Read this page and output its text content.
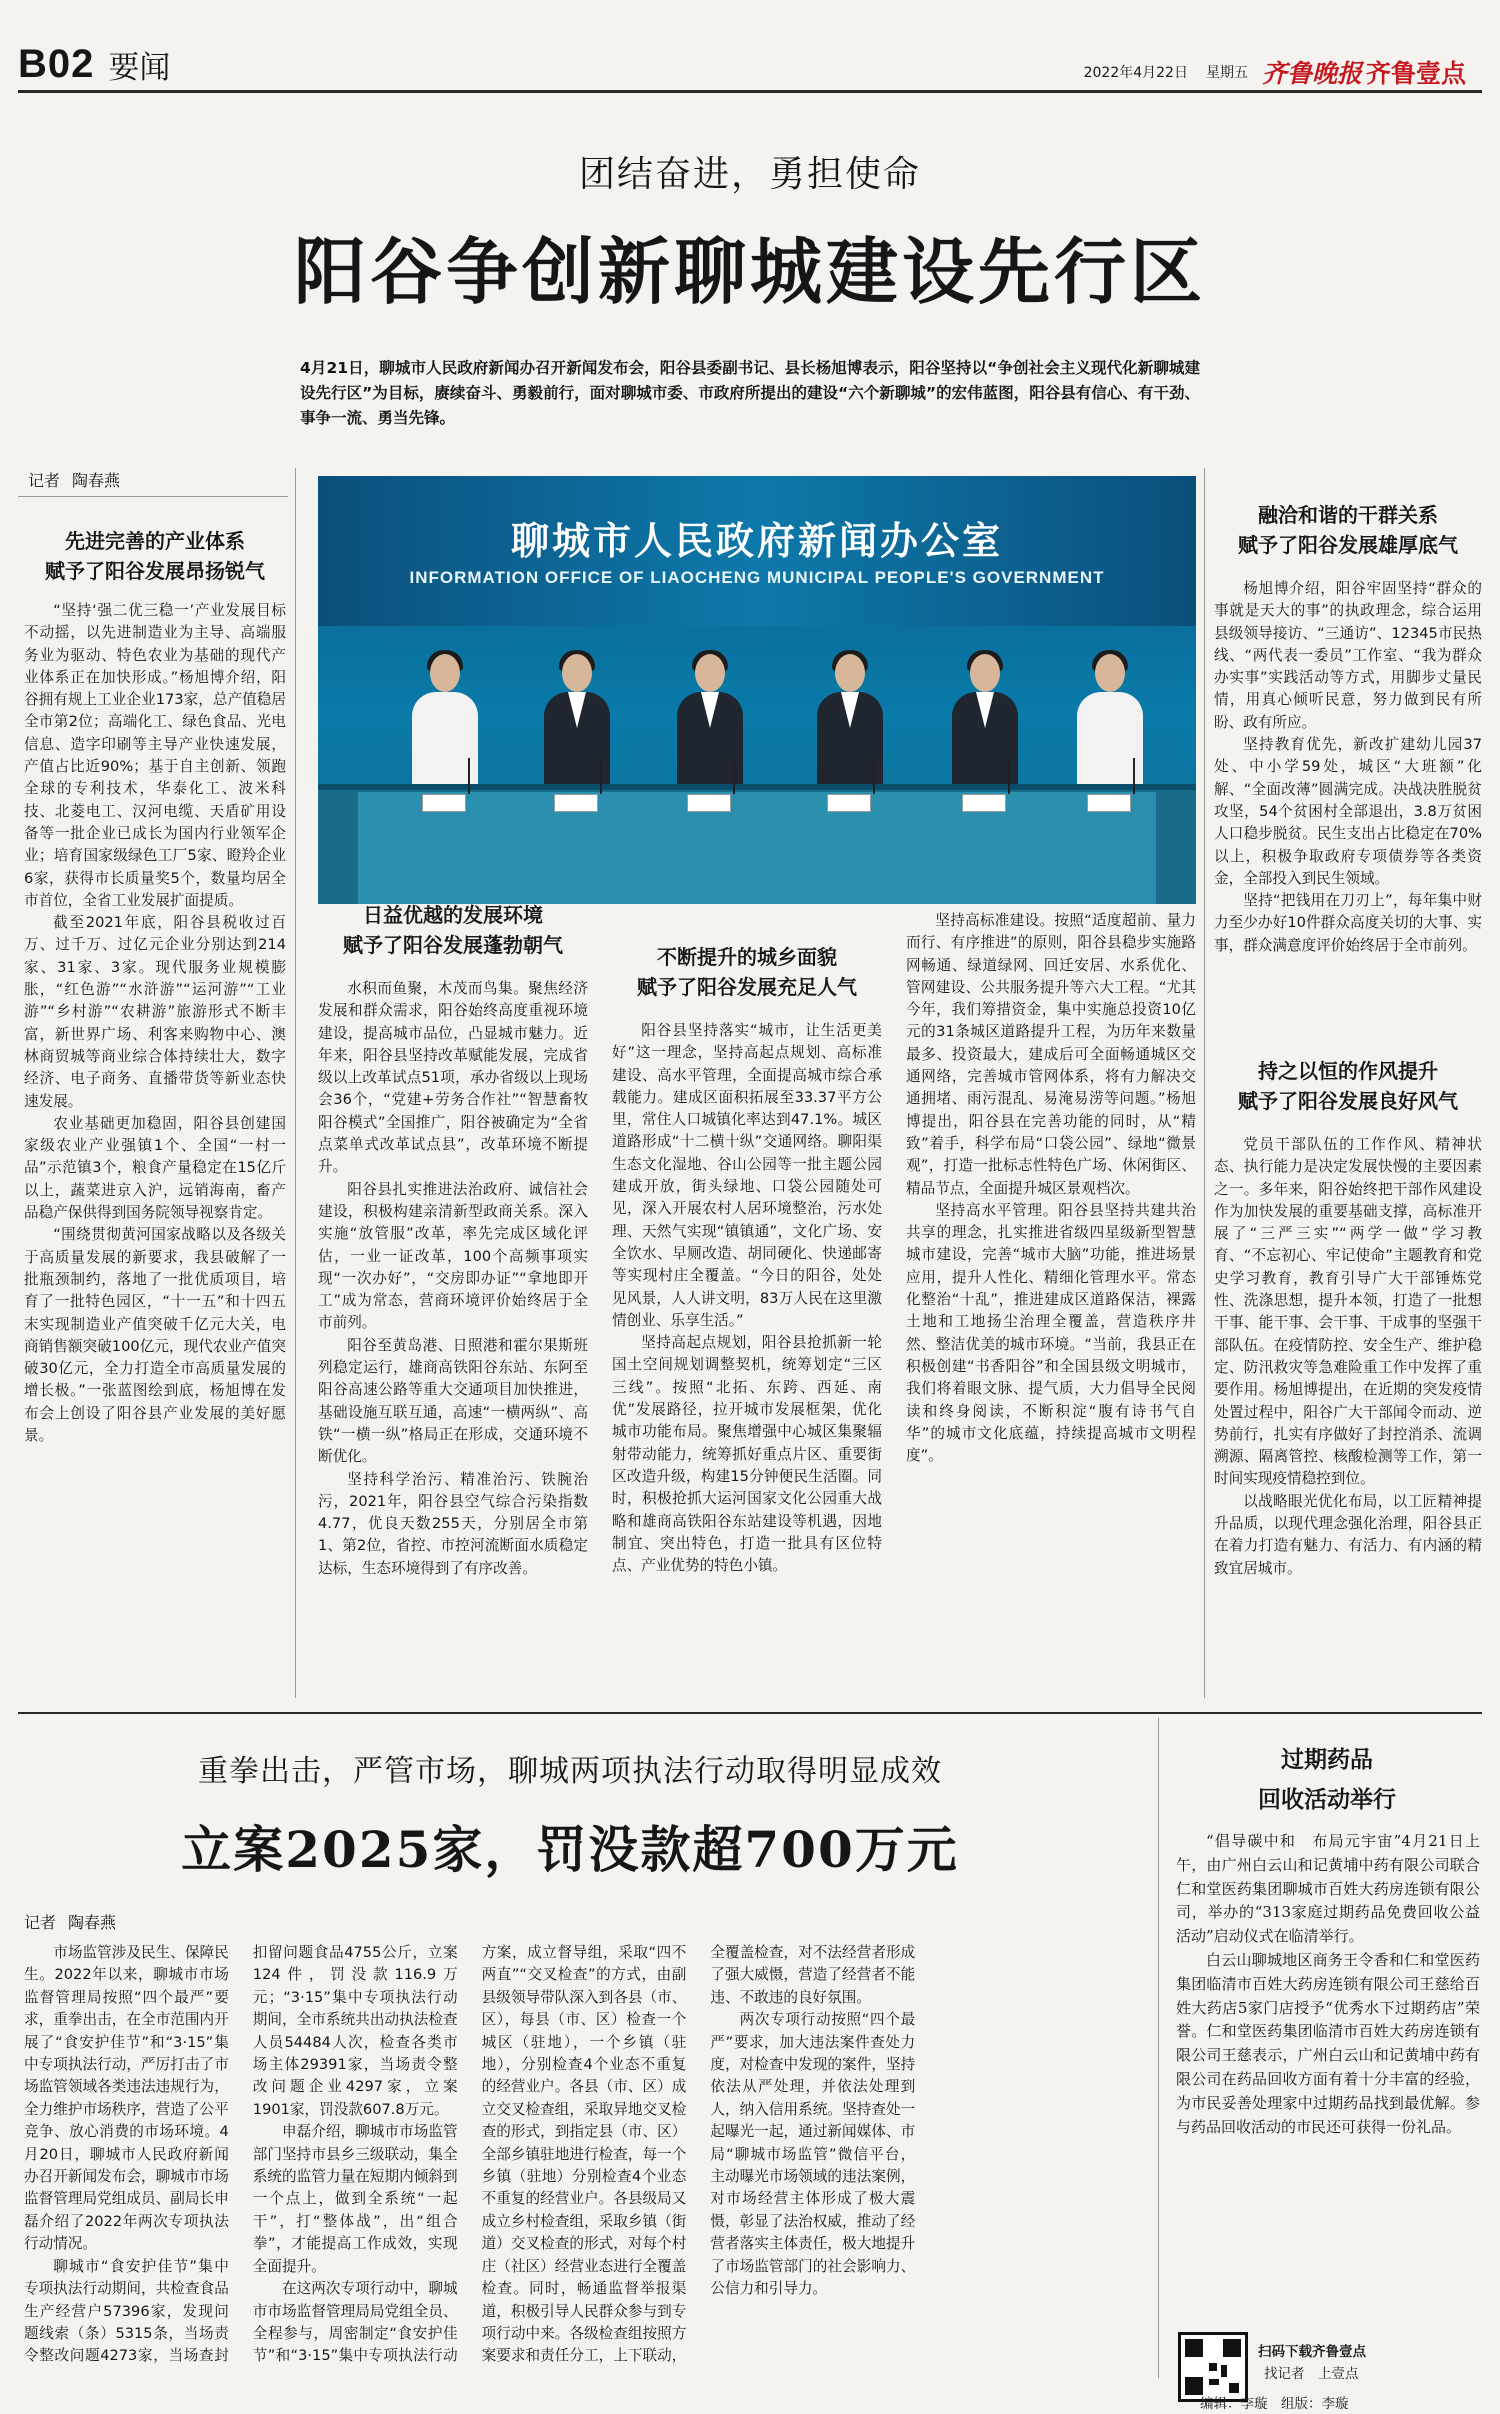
B02 要闻	2022年4月22日 星期五 齐鲁晚报 齐鲁壹点
团结奋进，勇担使命
阳谷争创新聊城建设先行区
4月21日，聊城市人民政府新闻办召开新闻发布会，阳谷县委副书记、县长杨旭博表示，阳谷坚持以“争创社会主义现代化新聊城建设先行区”为目标，赓续奋斗、勇毅前行，面对聊城市委、市政府所提出的建设“六个新聊城”的宏伟蓝图，阳谷县有信心、有干劲、事争一流、勇当先锋。
记者 陶春燕
先进完善的产业体系
赋予了阳谷发展昂扬锐气

“坚持‘强二优三稳一’产业发展目标不动摇，以先进制造业为主导、高端服务业为驱动、特色农业为基础的现代产业体系正在加快形成。”杨旭博介绍，阳谷拥有规上工业企业173家，总产值稳居全市第2位；高端化工、绿色食品、光电信息、造字印刷等主导产业快速发展，产值占比近90%；基于自主创新、领跑全球的专利技术，华泰化工、波米科技、北菱电工、汉河电缆、天盾矿用设备等一批企业已成长为国内行业领军企业；培育国家级绿色工厂5家、瞪羚企业6家，获得市长质量奖5个，数量均居全市首位，全省工业发展扩面提质。

截至2021年底，阳谷县税收过百万、过千万、过亿元企业分别达到214家、31家、3家。现代服务业规模膨胀，“红色游”“水浒游”“运河游”“工业游”“乡村游”“农耕游”旅游形式不断丰富，新世界广场、利客来购物中心、澳林商贸城等商业综合体持续壮大，数字经济、电子商务、直播带货等新业态快速发展。

农业基础更加稳固，阳谷县创建国家级农业产业强镇1个、全国“一村一品”示范镇3个，粮食产量稳定在15亿斤以上，蔬菜进京入沪，远销海南，畜产品稳产保供得到国务院领导视察肯定。

“围绕贯彻黄河国家战略以及各级关于高质量发展的新要求，我县破解了一批瓶颈制约，落地了一批优质项目，培育了一批特色园区，“十一五”和十四五末实现制造业产值突破千亿元大关，电商销售额突破100亿元，现代农业产值突破30亿元，全力打造全市高质量发展的增长极。”一张蓝图绘到底，杨旭博在发布会上创设了阳谷县产业发展的美好愿景。

聊城市人民政府新闻办公室
INFORMATION OFFICE OF LIAOCHENG MUNICIPAL PEOPLE'S GOVERNMENT
日益优越的发展环境
赋予了阳谷发展蓬勃朝气

水积而鱼聚，木茂而鸟集。聚焦经济发展和群众需求，阳谷始终高度重视环境建设，提高城市品位，凸显城市魅力。近年来，阳谷县坚持改革赋能发展，完成省级以上改革试点51项，承办省级以上现场会36个，“党建+劳务合作社”“智慧畜牧阳谷模式”全国推广，阳谷被确定为“全省点菜单式改革试点县”，改革环境不断提升。

阳谷县扎实推进法治政府、诚信社会建设，积极构建亲清新型政商关系。深入实施“放管服”改革，率先完成区域化评估，一业一证改革，100个高频事项实现“一次办好”，“交房即办证”“拿地即开工”成为常态，营商环境评价始终居于全市前列。

阳谷至黄岛港、日照港和霍尔果斯班列稳定运行，雄商高铁阳谷东站、东阿至阳谷高速公路等重大交通项目加快推进，基础设施互联互通，高速“一横两纵”、高铁“一横一纵”格局正在形成，交通环境不断优化。

坚持科学治污、精准治污、铁腕治污，2021年，阳谷县空气综合污染指数4.77，优良天数255天，分别居全市第1、第2位，省控、市控河流断面水质稳定达标，生态环境得到了有序改善。

不断提升的城乡面貌
赋予了阳谷发展充足人气

阳谷县坚持落实“城市，让生活更美好”这一理念，坚持高起点规划、高标准建设、高水平管理，全面提高城市综合承载能力。建成区面积拓展至33.37平方公里，常住人口城镇化率达到47.1%。城区道路形成“十二横十纵”交通网络。聊阳渠生态文化湿地、谷山公园等一批主题公园建成开放，街头绿地、口袋公园随处可见，深入开展农村人居环境整治，污水处理、天然气实现“镇镇通”，文化广场、安全饮水、早厕改造、胡同硬化、快递邮寄等实现村庄全覆盖。“今日的阳谷，处处见风景，人人讲文明，83万人民在这里激情创业、乐享生活。”

坚持高起点规划，阳谷县抢抓新一轮国土空间规划调整契机，统筹划定“三区三线”。按照“北拓、东跨、西延、南优”发展路径，拉开城市发展框架，优化城市功能布局。聚焦增强中心城区集聚辐射带动能力，统筹抓好重点片区、重要街区改造升级，构建15分钟便民生活圈。同时，积极抢抓大运河国家文化公园重大战略和雄商高铁阳谷东站建设等机遇，因地制宜、突出特色，打造一批具有区位特点、产业优势的特色小镇。

坚持高标准建设。按照“适度超前、量力而行、有序推进”的原则，阳谷县稳步实施路网畅通、绿道绿网、回迁安居、水系优化、管网建设、公共服务提升等六大工程。“尤其今年，我们筹措资金，集中实施总投资10亿元的31条城区道路提升工程，为历年来数量最多、投资最大，建成后可全面畅通城区交通网络，完善城市管网体系，将有力解决交通拥堵、雨污混乱、易淹易涝等问题。”杨旭博提出，阳谷县在完善功能的同时，从“精致”着手，科学布局“口袋公园”、绿地“微景观”，打造一批标志性特色广场、休闲街区、精品节点，全面提升城区景观档次。

坚持高水平管理。阳谷县坚持共建共治共享的理念，扎实推进省级四星级新型智慧城市建设，完善“城市大脑”功能，推进场景应用，提升人性化、精细化管理水平。常态化整治“十乱”，推进建成区道路保洁，裸露土地和工地扬尘治理全覆盖，营造秩序井然、整洁优美的城市环境。“当前，我县正在积极创建“书香阳谷”和全国县级文明城市，我们将着眼文脉、提气质，大力倡导全民阅读和终身阅读，不断积淀“腹有诗书气自华”的城市文化底蕴，持续提高城市文明程度”。

融洽和谐的干群关系
赋予了阳谷发展雄厚底气

杨旭博介绍，阳谷牢固坚持“群众的事就是天大的事”的执政理念，综合运用县级领导接访、“三通访”、12345市民热线、“两代表一委员”工作室、“我为群众办实事”实践活动等方式，用脚步丈量民情，用真心倾听民意，努力做到民有所盼、政有所应。

坚持教育优先，新改扩建幼儿园37处、中小学59处，城区“大班额”化解、“全面改薄”圆满完成。决战决胜脱贫攻坚，54个贫困村全部退出，3.8万贫困人口稳步脱贫。民生支出占比稳定在70%以上，积极争取政府专项债券等各类资金，全部投入到民生领域。

坚持“把钱用在刀刃上”，每年集中财力至少办好10件群众高度关切的大事、实事，群众满意度评价始终居于全市前列。

持之以恒的作风提升
赋予了阳谷发展良好风气

党员干部队伍的工作作风、精神状态、执行能力是决定发展快慢的主要因素之一。多年来，阳谷始终把干部作风建设作为加快发展的重要基础支撑，高标准开展了“三严三实”“两学一做”学习教育、“不忘初心、牢记使命”主题教育和党史学习教育，教育引导广大干部锤炼党性、洗涤思想，提升本领，打造了一批想干事、能干事、会干事、干成事的坚强干部队伍。在疫情防控、安全生产、维护稳定、防汛救灾等急难险重工作中发挥了重要作用。杨旭博提出，在近期的突发疫情处置过程中，阳谷广大干部闻令而动、逆势前行，扎实有序做好了封控消杀、流调溯源、隔离管控、核酸检测等工作，第一时间实现疫情稳控到位。

以战略眼光优化布局，以工匠精神提升品质，以现代理念强化治理，阳谷县正在着力打造有魅力、有活力、有内涵的精致宜居城市。

重拳出击，严管市场，聊城两项执法行动取得明显成效
立案2025家，罚没款超700万元
记者 陶春燕

市场监管涉及民生、保障民生。2022年以来，聊城市市场监督管理局按照“四个最严”要求，重拳出击，在全市范围内开展了“食安护佳节”和“3·15”集中专项执法行动，严厉打击了市场监管领域各类违法违规行为，全力维护市场秩序，营造了公平竞争、放心消费的市场环境。4月20日，聊城市人民政府新闻办召开新闻发布会，聊城市市场监督管理局党组成员、副局长申磊介绍了2022年两次专项执法行动情况。

聊城市“食安护佳节”集中专项执法行动期间，共检查食品生产经营户57396家，发现问题线索（条）5315条，当场责令整改问题4273家，当场查封扣留问题食品4755公斤，立案124件，罚没款116.9万元；“3·15”集中专项执法行动期间，全市系统共出动执法检查人员54484人次，检查各类市场主体29391家，当场责令整改问题企业4297家，立案1901家，罚没款607.8万元。

申磊介绍，聊城市市场监管部门坚持市县乡三级联动，集全系统的监管力量在短期内倾斜到一个点上，做到全系统“一起干”，打“整体战”，出“组合拳”，才能提高工作成效，实现全面提升。

在这两次专项行动中，聊城市市场监督管理局局党组全员、全程参与，周密制定“食安护佳节”和“3·15”集中专项执法行动方案，成立督导组，采取“四不两直”“交叉检查”的方式，由副县级领导带队深入到各县（市、区），每县（市、区）检查一个城区（驻地），一个乡镇（驻地），分别检查4个业态不重复的经营业户。各县（市、区）成立交叉检查组，采取异地交叉检查的形式，到指定县（市、区）全部乡镇驻地进行检查，每一个乡镇（驻地）分别检查4个业态不重复的经营业户。各县级局又成立乡村检查组，采取乡镇（街道）交叉检查的形式，对每个村庄（社区）经营业态进行全覆盖检查。同时，畅通监督举报渠道，积极引导人民群众参与到专项行动中来。各级检查组按照方案要求和责任分工，上下联动，全覆盖检查，对不法经营者形成了强大威慑，营造了经营者不能违、不敢违的良好氛围。

两次专项行动按照“四个最严”要求，加大违法案件查处力度，对检查中发现的案件，坚持依法从严处理，并依法处理到人，纳入信用系统。坚持查处一起曝光一起，通过新闻媒体、市局“聊城市场监管”微信平台，主动曝光市场领域的违法案例，对市场经营主体形成了极大震慑，彰显了法治权威，推动了经营者落实主体责任，极大地提升了市场监管部门的社会影响力、公信力和引导力。

过期药品
回收活动举行

“倡导碳中和　布局元宇宙”4月21日上午，由广州白云山和记黄埔中药有限公司联合仁和堂医药集团聊城市百姓大药房连锁有限公司，举办的“313家庭过期药品免费回收公益活动”启动仪式在临清举行。

白云山聊城地区商务王令香和仁和堂医药集团临清市百姓大药房连锁有限公司王慈给百姓大药店5家门店授予“优秀水下过期药店”荣誉。仁和堂医药集团临清市百姓大药房连锁有限公司王慈表示，广州白云山和记黄埔中药有限公司在药品回收方面有着十分丰富的经验，为市民妥善处理家中过期药品找到最优解。参与药品回收活动的市民还可获得一份礼品。

扫码下载齐鲁壹点
找记者　上壹点
编辑：李璇　组版：李璇
